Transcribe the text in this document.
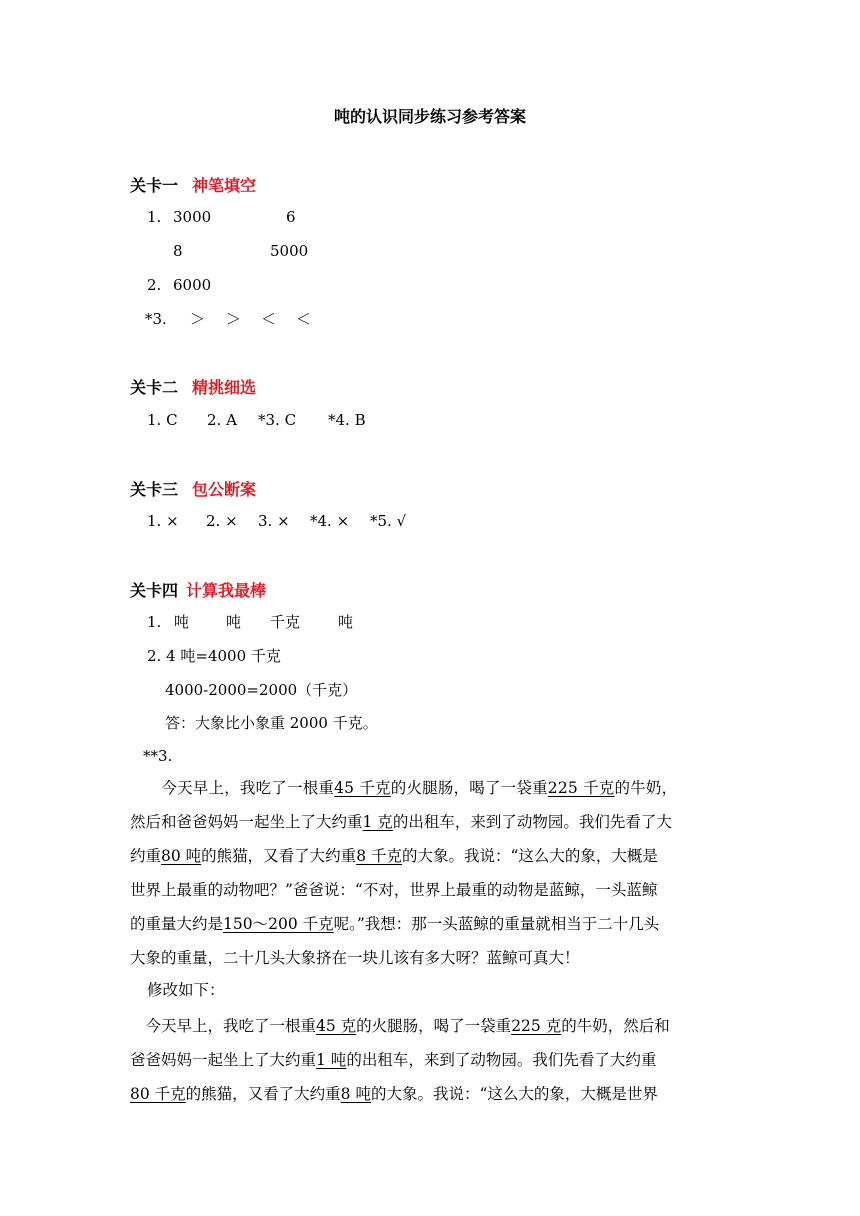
吨的认识同步练习参考答案
关卡一 神笔填空
1. 3000	6
8	5000
2. 6000
*3. ＞ ＞ ＜ ＜
关卡二 精挑细选
1. C 2. A *3. C *4. B
关卡三 包公断案
1. × 2. × 3. × *4. × *5. √
关卡四 计算我最棒
1. 吨 吨 千克	吨
2. 4 吨=4000 千克
4000-2000=2000（千克）
答：大象比小象重 2000 千克。
**3.
　　今天早上，我吃了一根重45 千克的火腿肠，喝了一袋重225 千克的牛奶，
然后和爸爸妈妈一起坐上了大约重1 克的出租车，来到了动物园。我们先看了大
约重80 吨的熊猫，又看了大约重8 千克的大象。我说：“这么大的象，大概是
世界上最重的动物吧？”爸爸说：“不对，世界上最重的动物是蓝鲸，一头蓝鲸
的重量大约是150～200 千克呢。”我想：那一头蓝鲸的重量就相当于二十几头
大象的重量，二十几头大象挤在一块儿该有多大呀？蓝鲸可真大！
修改如下：
　今天早上，我吃了一根重45 克的火腿肠，喝了一袋重225 克的牛奶，然后和
爸爸妈妈一起坐上了大约重1 吨的出租车，来到了动物园。我们先看了大约重
80 千克的熊猫，又看了大约重8 吨的大象。我说：“这么大的象，大概是世界
